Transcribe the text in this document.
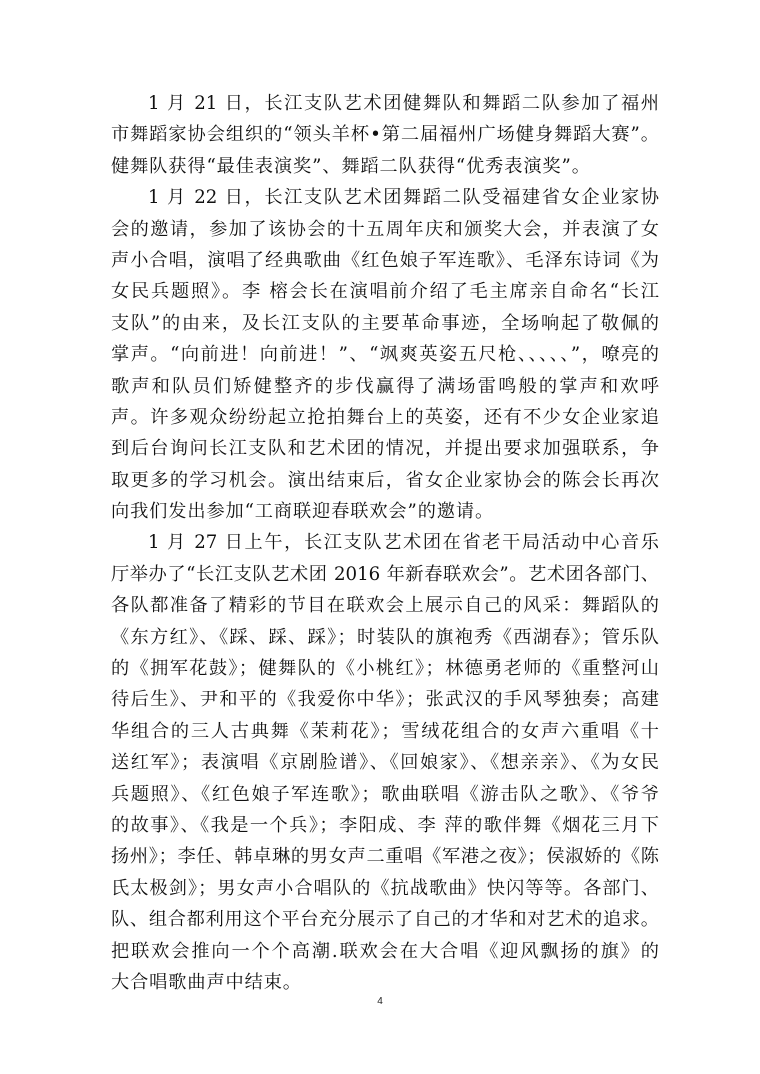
1 月 21 日，长江支队艺术团健舞队和舞蹈二队参加了福州
市舞蹈家协会组织的“领头羊杯•第二届福州广场健身舞蹈大赛”。
健舞队获得“最佳表演奖”、舞蹈二队获得“优秀表演奖”。
1 月 22 日，长江支队艺术团舞蹈二队受福建省女企业家协
会的邀请，参加了该协会的十五周年庆和颁奖大会，并表演了女
声小合唱，演唱了经典歌曲《红色娘子军连歌》、毛泽东诗词《为
女民兵题照》。李 榕会长在演唱前介绍了毛主席亲自命名“长江
支队”的由来，及长江支队的主要革命事迹，全场响起了敬佩的
掌声。“向前进！向前进！”、“飒爽英姿五尺枪、、、、、”，嘹亮的
歌声和队员们矫健整齐的步伐赢得了满场雷鸣般的掌声和欢呼
声。许多观众纷纷起立抢拍舞台上的英姿，还有不少女企业家追
到后台询问长江支队和艺术团的情况，并提出要求加强联系，争
取更多的学习机会。演出结束后，省女企业家协会的陈会长再次
向我们发出参加“工商联迎春联欢会”的邀请。
1 月 27 日上午，长江支队艺术团在省老干局活动中心音乐
厅举办了“长江支队艺术团 2016 年新春联欢会”。艺术团各部门、
各队都准备了精彩的节目在联欢会上展示自己的风采：舞蹈队的
《东方红》、《踩、踩、踩》；时装队的旗袍秀《西湖春》；管乐队
的《拥军花鼓》；健舞队的《小桃红》；林德勇老师的《重整河山
待后生》、尹和平的《我爱你中华》；张武汉的手风琴独奏；高建
华组合的三人古典舞《茉莉花》；雪绒花组合的女声六重唱《十
送红军》；表演唱《京剧脸谱》、《回娘家》、《想亲亲》、《为女民
兵题照》、《红色娘子军连歌》；歌曲联唱《游击队之歌》、《爷爷
的故事》、《我是一个兵》；李阳成、李 萍的歌伴舞《烟花三月下
扬州》；李任、韩卓琳的男女声二重唱《军港之夜》；侯淑娇的《陈
氏太极剑》；男女声小合唱队的《抗战歌曲》快闪等等。各部门、
队、组合都利用这个平台充分展示了自己的才华和对艺术的追求。
把联欢会推向一个个高潮.联欢会在大合唱《迎风飘扬的旗》的
大合唱歌曲声中结束。
4
